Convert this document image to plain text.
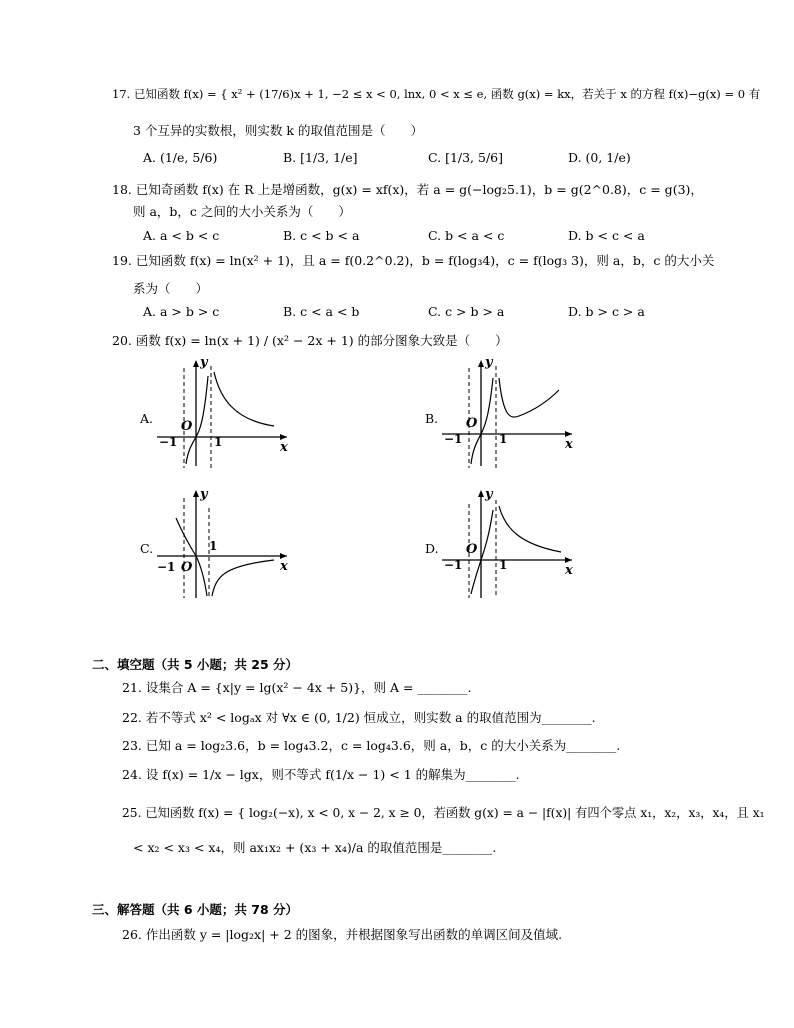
17. 已知函数 f(x) = { x² + (17/6)x + 1, −2 ≤ x < 0, lnx, 0 < x ≤ e, 函数 g(x) = kx，若关于 x 的方程 f(x)−g(x) = 0 有
3 个互异的实数根，则实数 k 的取值范围是（　　）
A. (1/e, 5/6)	B. [1/3, 1/e]	C. [1/3, 5/6]	D. (0, 1/e)
18. 已知奇函数 f(x) 在 R 上是增函数，g(x) = xf(x)，若 a = g(−log₂5.1)，b = g(2^0.8)，c = g(3)，
则 a，b，c 之间的大小关系为（　　）
A. a < b < c	B. c < b < a	C. b < a < c	D. b < c < a
19. 已知函数 f(x) = ln(x² + 1)，且 a = f(0.2^0.2)，b = f(log₃4)，c = f(log₃ 3)，则 a，b，c 的大小关
系为（　　）
A. a > b > c	B. c < a < b	C. c > b > a	D. b > c > a
20. 函数 f(x) = ln(x + 1) / (x² − 2x + 1) 的部分图象大致是（　　）
A.
y
x
O
−1	1
B.
y
x
O
−1	1
C.
y
x
O
−1
1	D.
y
x
O
−1	1
二、填空题（共 5 小题；共 25 分）
21. 设集合 A = {x|y = lg(x² − 4x + 5)}，则 A = ________.
22. 若不等式 x² < logₐx 对 ∀x ∈ (0, 1/2) 恒成立，则实数 a 的取值范围为________.
23. 已知 a = log₂3.6，b = log₄3.2，c = log₄3.6，则 a，b，c 的大小关系为________.
24. 设 f(x) = 1/x − lgx，则不等式 f(1/x − 1) < 1 的解集为________.
25. 已知函数 f(x) = { log₂(−x), x < 0, x − 2, x ≥ 0，若函数 g(x) = a − |f(x)| 有四个零点 x₁，x₂，x₃，x₄，且 x₁
< x₂ < x₃ < x₄，则 ax₁x₂ + (x₃ + x₄)/a 的取值范围是________.
三、解答题（共 6 小题；共 78 分）
26. 作出函数 y = |log₂x| + 2 的图象，并根据图象写出函数的单调区间及值域.
